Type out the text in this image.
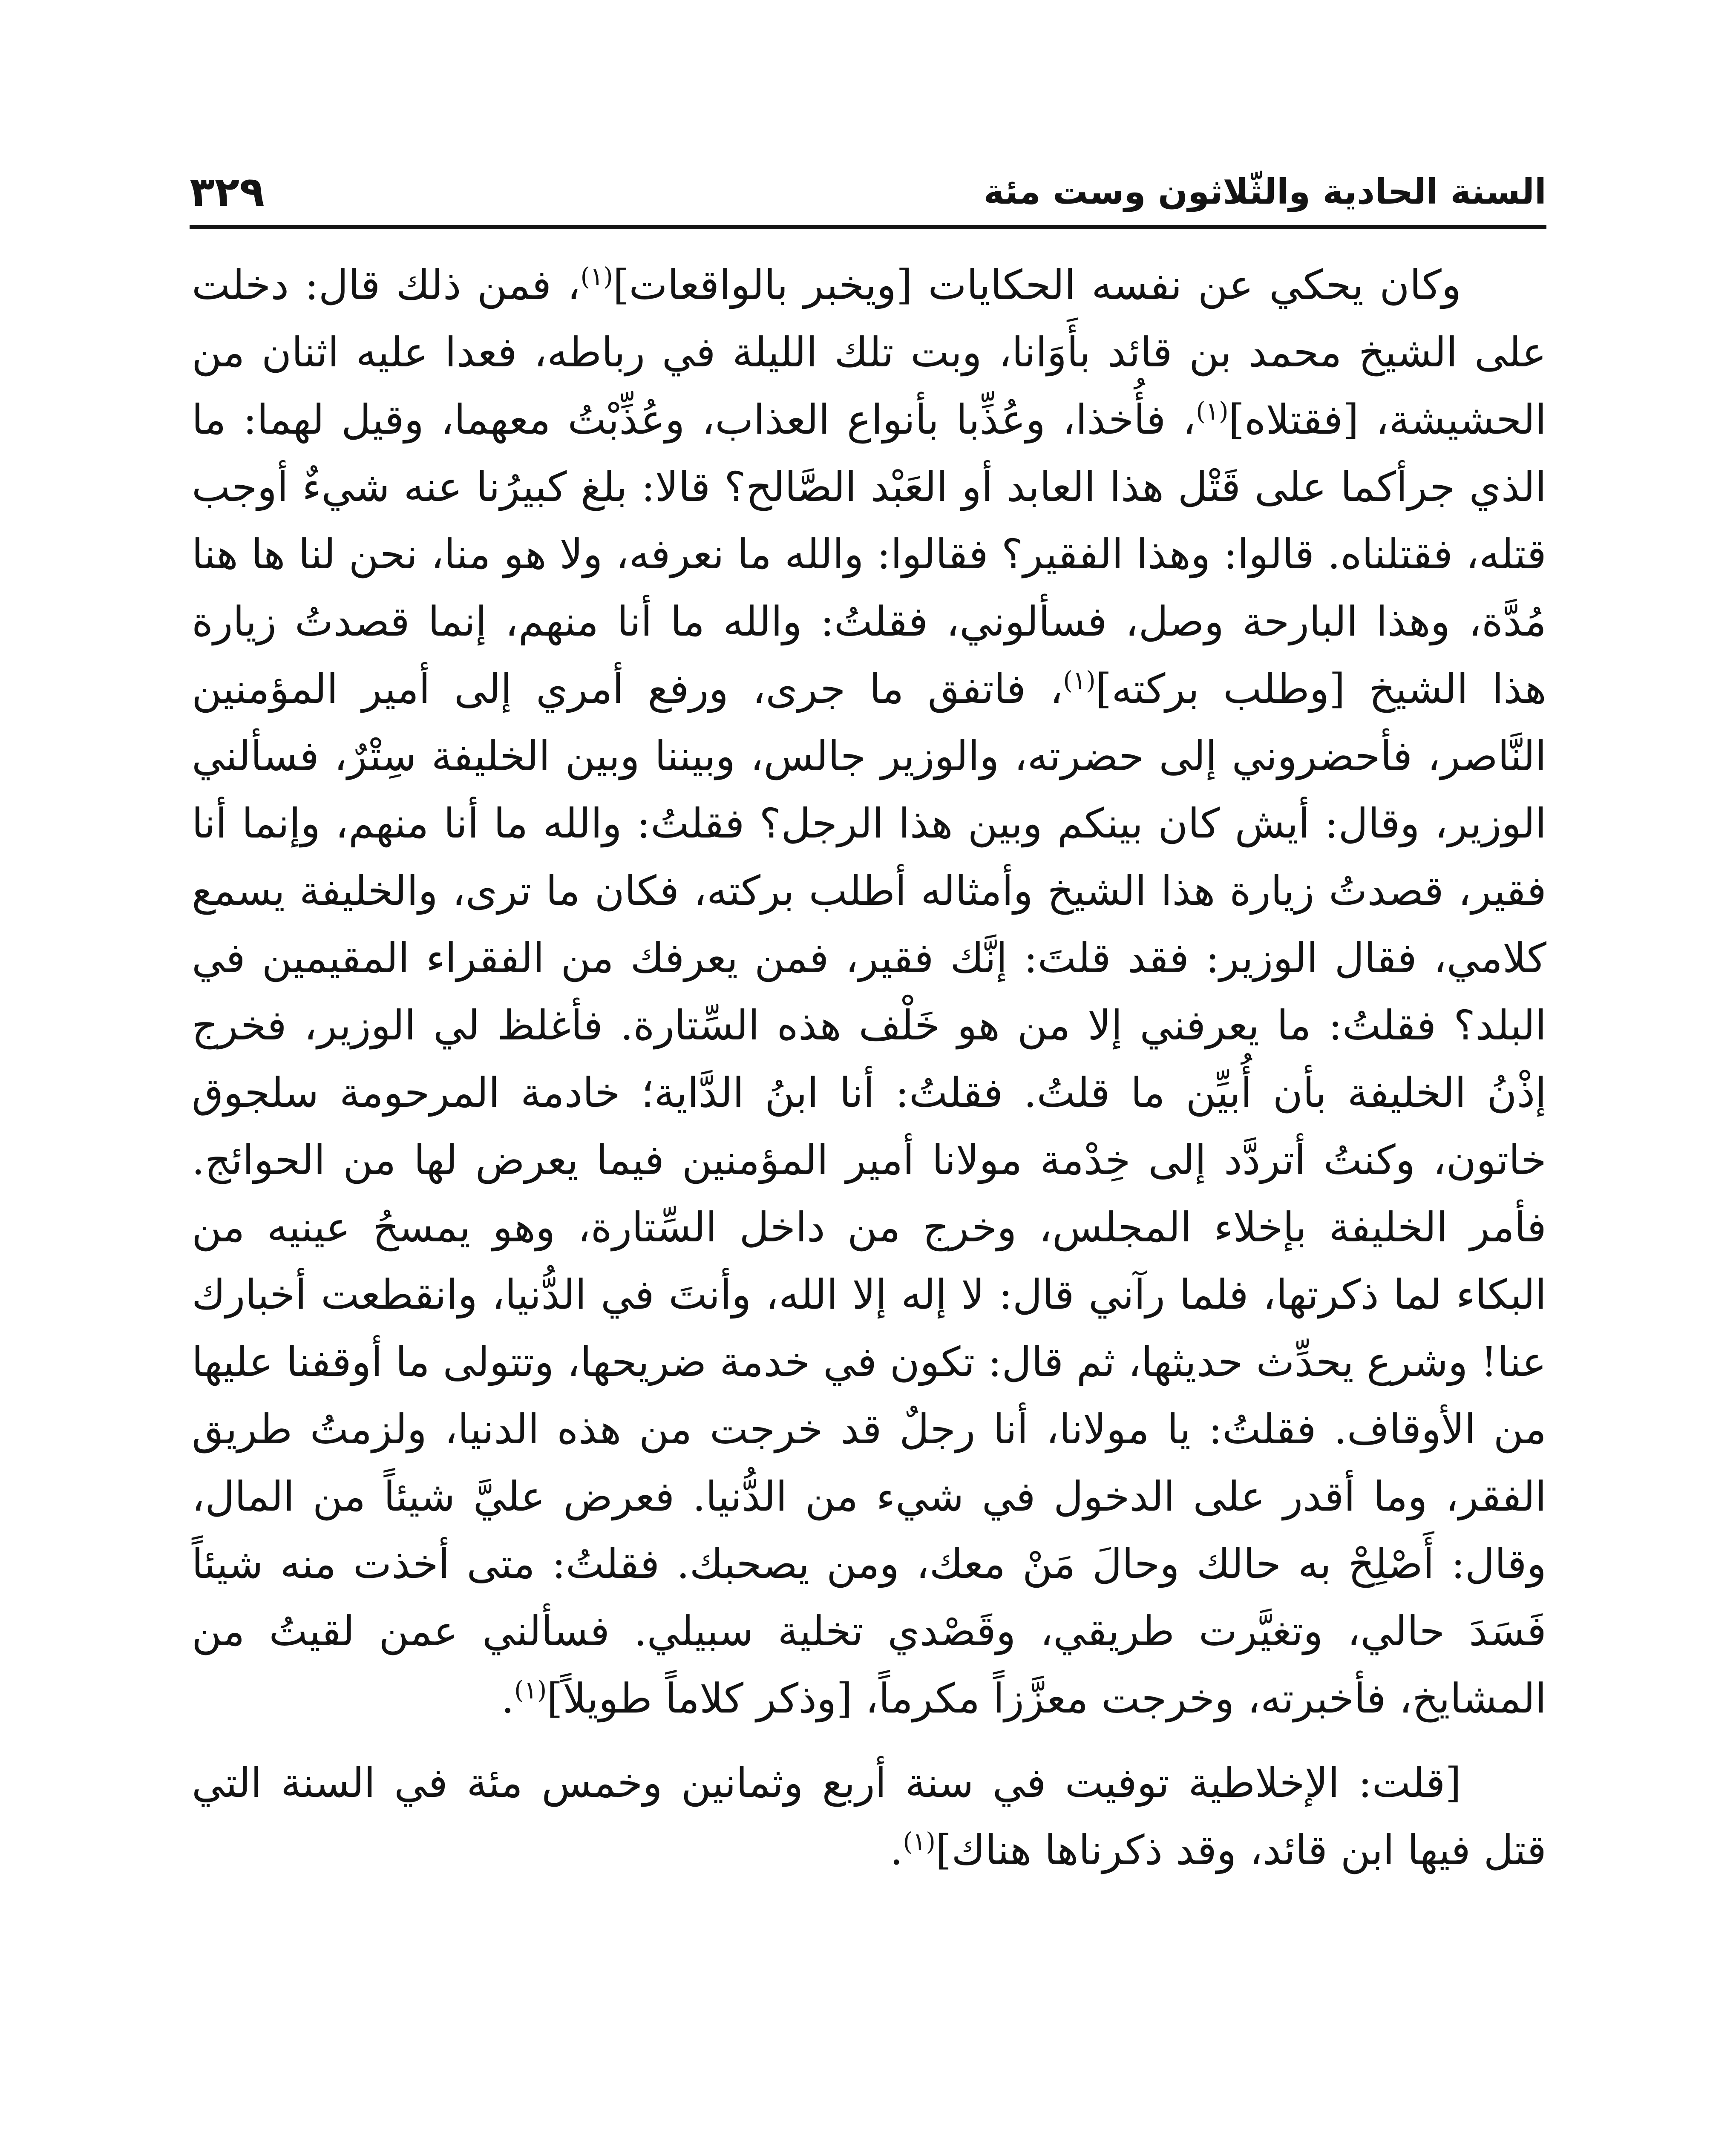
السنة الحادية والثّلاثون وست مئة
٣٢٩

وكان يحكي عن نفسه الحكايات [ويخبر بالواقعات]$^{(١)}$، فمن ذلك قال: دخلت على الشيخ محمد بن قائد بأَوَانا، وبت تلك الليلة في رباطه، فعدا عليه اثنان من الحشيشة، [فقتلاه]$^{(١)}$، فأُخذا، وعُذِّبا بأنواع العذاب، وعُذِّبْتُ معهما، وقيل لهما: ما الذي جرأكما على قَتْل هذا العابد أو العَبْد الصَّالح؟ قالا: بلغ كبيرُنا عنه شيءٌ أوجب قتله، فقتلناه. قالوا: وهذا الفقير؟ فقالوا: والله ما نعرفه، ولا هو منا، نحن لنا ها هنا مُدَّة، وهذا البارحة وصل، فسألوني، فقلتُ: والله ما أنا منهم، إنما قصدتُ زيارة هذا الشيخ [وطلب بركته]$^{(١)}$، فاتفق ما جرى، ورفع أمري إلى أمير المؤمنين النَّاصر، فأحضروني إلى حضرته، والوزير جالس، وبيننا وبين الخليفة سِتْرٌ، فسألني الوزير، وقال: أيش كان بينكم وبين هذا الرجل؟ فقلتُ: والله ما أنا منهم، وإنما أنا فقير، قصدتُ زيارة هذا الشيخ وأمثاله أطلب بركته، فكان ما ترى، والخليفة يسمع كلامي، فقال الوزير: فقد قلتَ: إنَّك فقير، فمن يعرفك من الفقراء المقيمين في البلد؟ فقلتُ: ما يعرفني إلا من هو خَلْف هذه السِّتارة. فأغلظ لي الوزير، فخرج إذْنُ الخليفة بأن أُبيِّن ما قلتُ. فقلتُ: أنا ابنُ الدَّاية؛ خادمة المرحومة سلجوق خاتون، وكنتُ أتردَّد إلى خِدْمة مولانا أمير المؤمنين فيما يعرض لها من الحوائج. فأمر الخليفة بإخلاء المجلس، وخرج من داخل السِّتارة، وهو يمسحُ عينيه من البكاء لما ذكرتها، فلما رآني قال: لا إله إلا الله، وأنتَ في الدُّنيا، وانقطعت أخبارك عنا! وشرع يحدِّث حديثها، ثم قال: تكون في خدمة ضريحها، وتتولى ما أوقفنا عليها من الأوقاف. فقلتُ: يا مولانا، أنا رجلٌ قد خرجت من هذه الدنيا، ولزمتُ طريق الفقر، وما أقدر على الدخول في شيء من الدُّنيا. فعرض عليَّ شيئاً من المال، وقال: أَصْلِحْ به حالك وحالَ مَنْ معك، ومن يصحبك. فقلتُ: متى أخذت منه شيئاً فَسَدَ حالي، وتغيَّرت طريقي، وقَصْدي تخلية سبيلي. فسألني عمن لقيتُ من المشايخ، فأخبرته، وخرجت معزَّزاً مكرماً، [وذكر كلاماً طويلاً]$^{(١)}$.

[قلت: الإخلاطية توفيت في سنة أربع وثمانين وخمس مئة في السنة التي قتل فيها ابن قائد، وقد ذكرناها هناك]$^{(١)}$.
